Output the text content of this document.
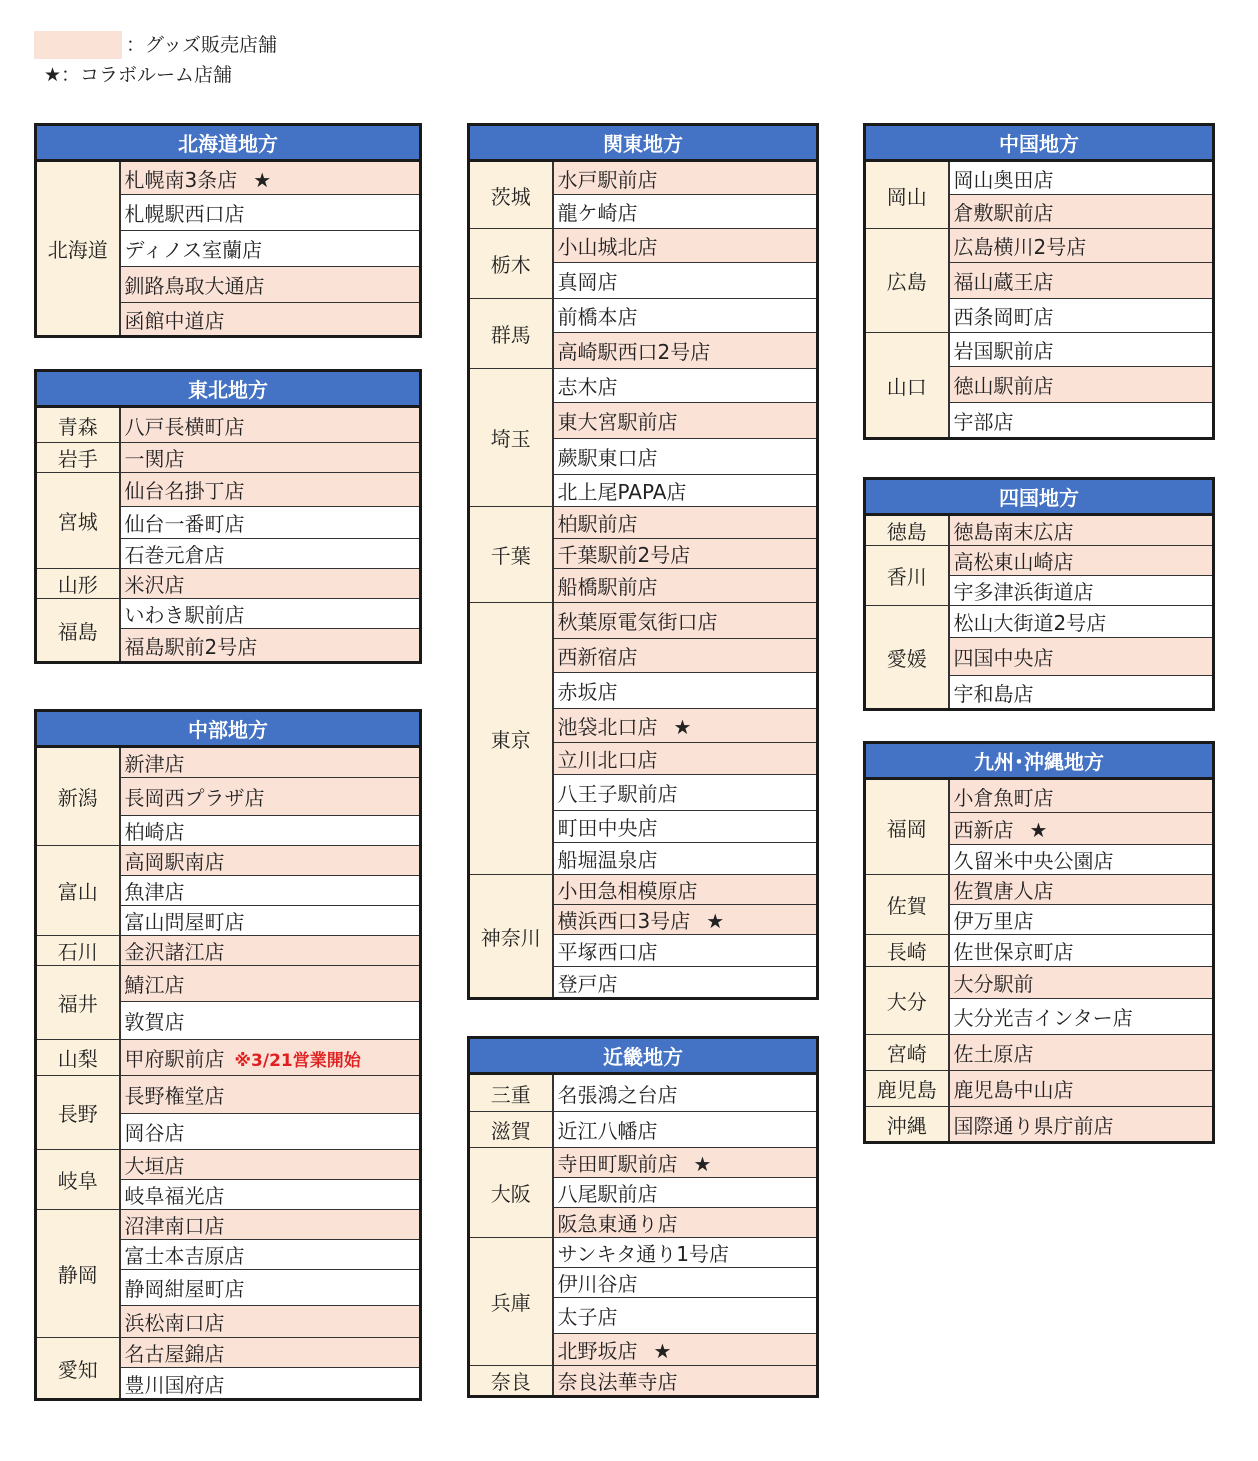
：グッズ販売店舗
★：コラボルーム店舗
北海道地方
北海道	札幌南3条店 ★
札幌駅西口店
ディノス室蘭店
釧路鳥取大通店
函館中道店
東北地方	
青森	八戸長横町店
岩手	一関店
宮城	仙台名掛丁店
	仙台一番町店
	石巻元倉店
山形	米沢店
福島	いわき駅前店
	福島駅前2号店
中部地方	
新潟	新津店
	長岡西プラザ店
	柏崎店
富山	高岡駅南店
	魚津店
	富山問屋町店
石川	金沢諸江店
福井	鯖江店
	敦賀店
山梨	甲府駅前店 ※3/21営業開始
長野	長野権堂店
	岡谷店
岐阜	大垣店
	岐阜福光店
静岡	沼津南口店
	富士本吉原店
	静岡紺屋町店
	浜松南口店
愛知	名古屋錦店
	豊川国府店
関東地方	
茨城	水戸駅前店
	龍ケ崎店
栃木	小山城北店
	真岡店
群馬	前橋本店
	高崎駅西口2号店
埼玉	志木店
	東大宮駅前店
	蕨駅東口店
	北上尾PAPA店
千葉	柏駅前店
	千葉駅前2号店
	船橋駅前店
東京	秋葉原電気街口店
	西新宿店
	赤坂店
	池袋北口店 ★
	立川北口店
	八王子駅前店
	町田中央店
	船堀温泉店
神奈川	小田急相模原店
	横浜西口3号店 ★
	平塚西口店
	登戸店
近畿地方	
三重	名張鴻之台店
滋賀	近江八幡店
大阪	寺田町駅前店 ★
	八尾駅前店
	阪急東通り店
兵庫	サンキタ通り1号店
	伊川谷店
	太子店
	北野坂店 ★
奈良	奈良法華寺店
中国地方	
岡山	岡山奥田店
	倉敷駅前店
広島	広島横川2号店
	福山蔵王店
	西条岡町店
山口	岩国駅前店
	徳山駅前店
	宇部店
四国地方	
徳島	徳島南末広店
香川	高松東山崎店
	宇多津浜街道店
愛媛	松山大街道2号店
	四国中央店
	宇和島店
九州･沖縄地方	
福岡	小倉魚町店
	西新店 ★
	久留米中央公園店
佐賀	佐賀唐人店
	伊万里店
長崎	佐世保京町店
大分	大分駅前
	大分光吉インター店
宮崎	佐土原店
鹿児島	鹿児島中山店
沖縄	国際通り県庁前店
